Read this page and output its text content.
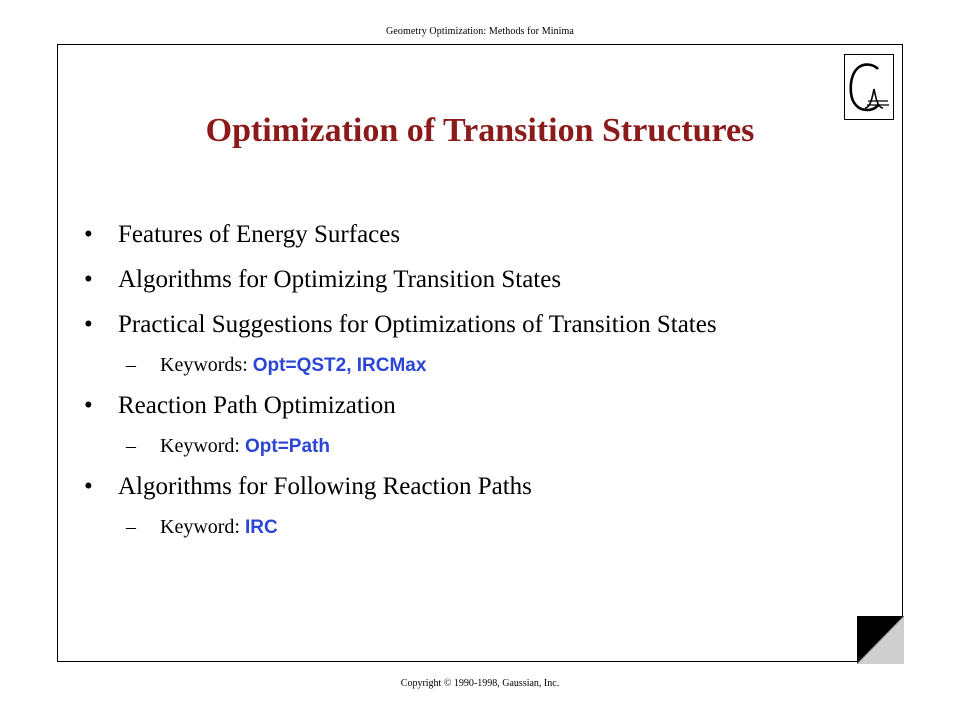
Geometry Optimization: Methods for Minima
Optimization of Transition Structures
• Features of Energy Surfaces
• Algorithms for Optimizing Transition States
• Practical Suggestions for Optimizations of Transition States
– Keywords: Opt=QST2, IRCMax
• Reaction Path Optimization
– Keyword: Opt=Path
• Algorithms for Following Reaction Paths
– Keyword: IRC
Copyright © 1990-1998, Gaussian, Inc.
